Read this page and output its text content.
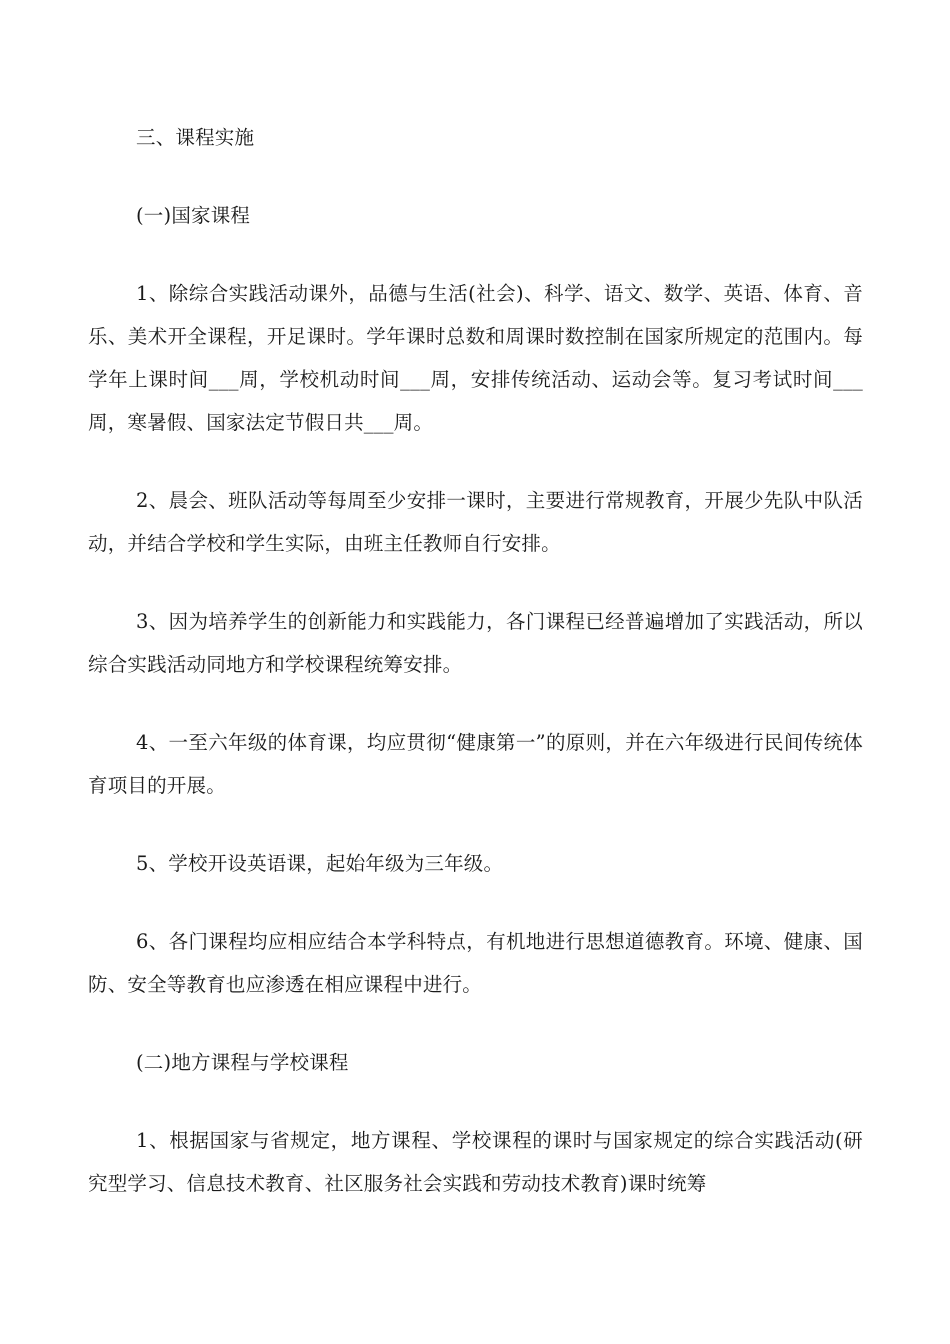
三、课程实施

(一)国家课程

1、除综合实践活动课外，品德与生活(社会)、科学、语文、数学、英语、体育、音乐、美术开全课程，开足课时。学年课时总数和周课时数控制在国家所规定的范围内。每学年上课时间___周，学校机动时间___周，安排传统活动、运动会等。复习考试时间___周，寒暑假、国家法定节假日共___周。

2、晨会、班队活动等每周至少安排一课时，主要进行常规教育，开展少先队中队活动，并结合学校和学生实际，由班主任教师自行安排。

3、因为培养学生的创新能力和实践能力，各门课程已经普遍增加了实践活动，所以综合实践活动同地方和学校课程统筹安排。

4、一至六年级的体育课，均应贯彻“健康第一”的原则，并在六年级进行民间传统体育项目的开展。

5、学校开设英语课，起始年级为三年级。

6、各门课程均应相应结合本学科特点，有机地进行思想道德教育。环境、健康、国防、安全等教育也应渗透在相应课程中进行。

(二)地方课程与学校课程

1、根据国家与省规定，地方课程、学校课程的课时与国家规定的综合实践活动(研究型学习、信息技术教育、社区服务社会实践和劳动技术教育)课时统筹
